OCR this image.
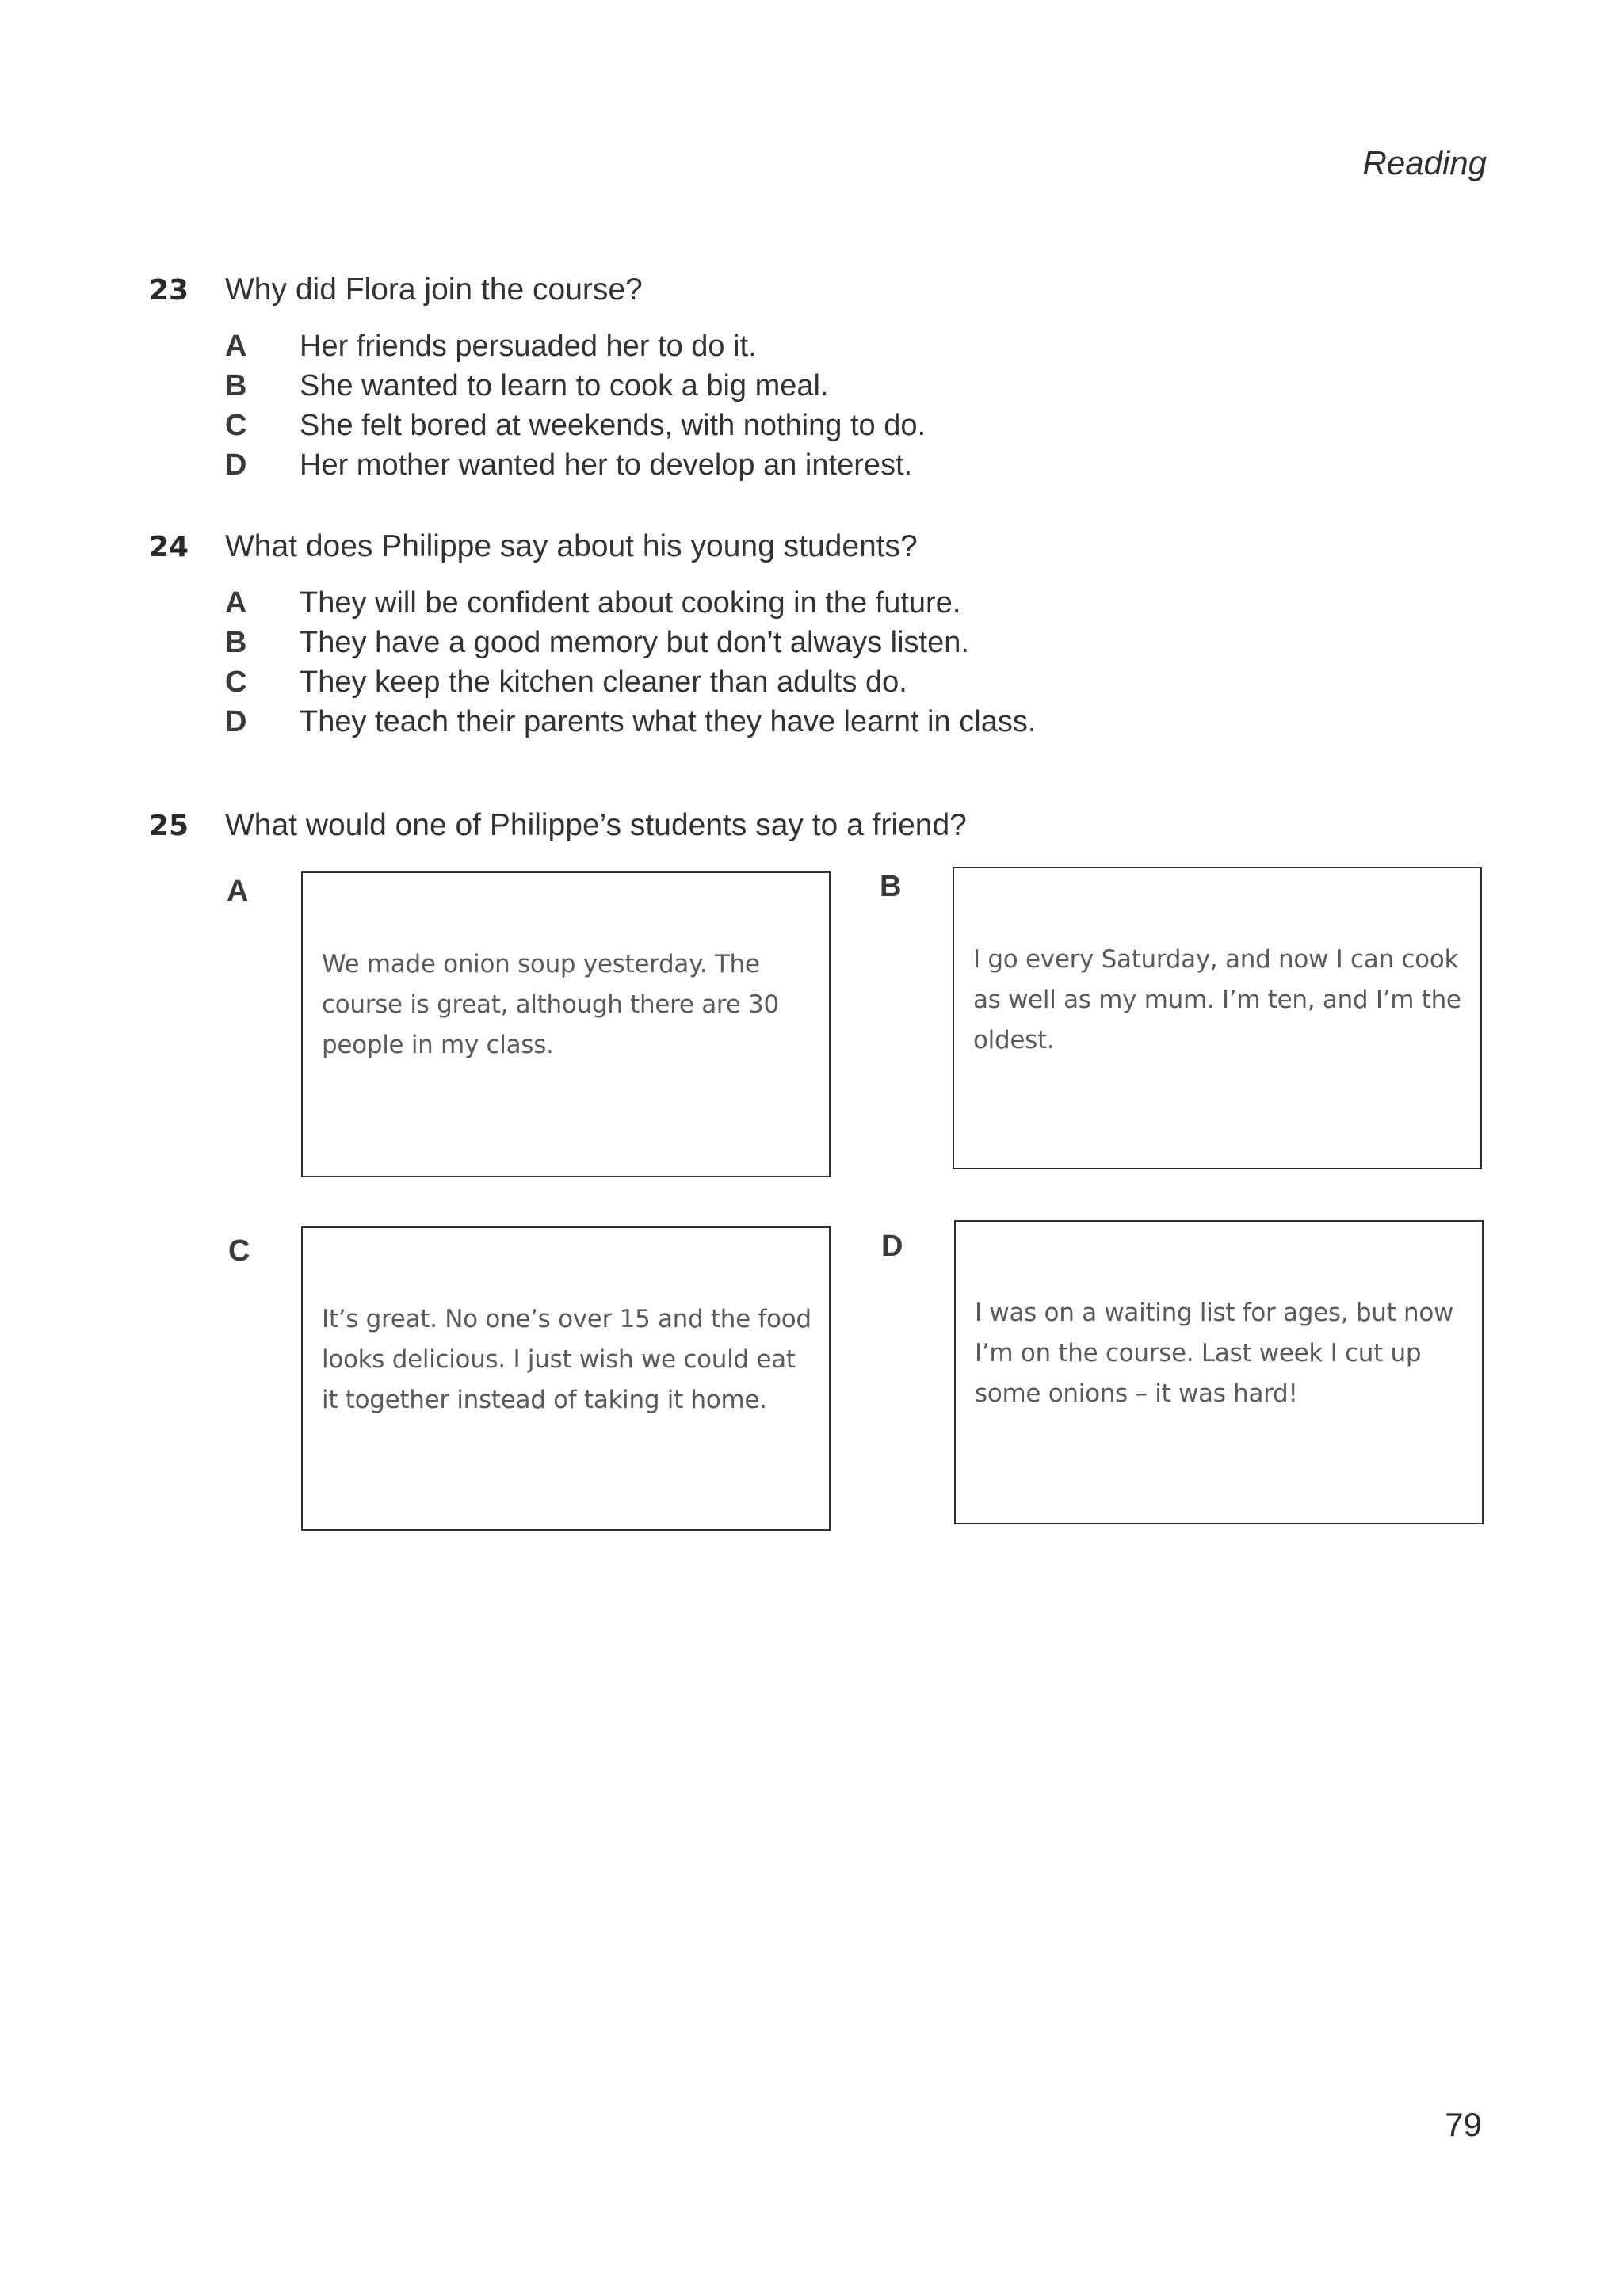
Reading
23	Why did Flora join the course?
A	Her friends persuaded her to do it.
B	She wanted to learn to cook a big meal.
C	She felt bored at weekends, with nothing to do.
D	Her mother wanted her to develop an interest.
24	What does Philippe say about his young students?
A	They will be confident about cooking in the future.
B	They have a good memory but don’t always listen.
C	They keep the kitchen cleaner than adults do.
D	They teach their parents what they have learnt in class.
25	What would one of Philippe’s students say to a friend?
A
We made onion soup yesterday. The course is great, although there are 30 people in my class.
B
I go every Saturday, and now I can cook as well as my mum. I’m ten, and I’m the oldest.
C
It’s great. No one’s over 15 and the food looks delicious. I just wish we could eat it together instead of taking it home.
D
I was on a waiting list for ages, but now I’m on the course. Last week I cut up some onions – it was hard!
79
